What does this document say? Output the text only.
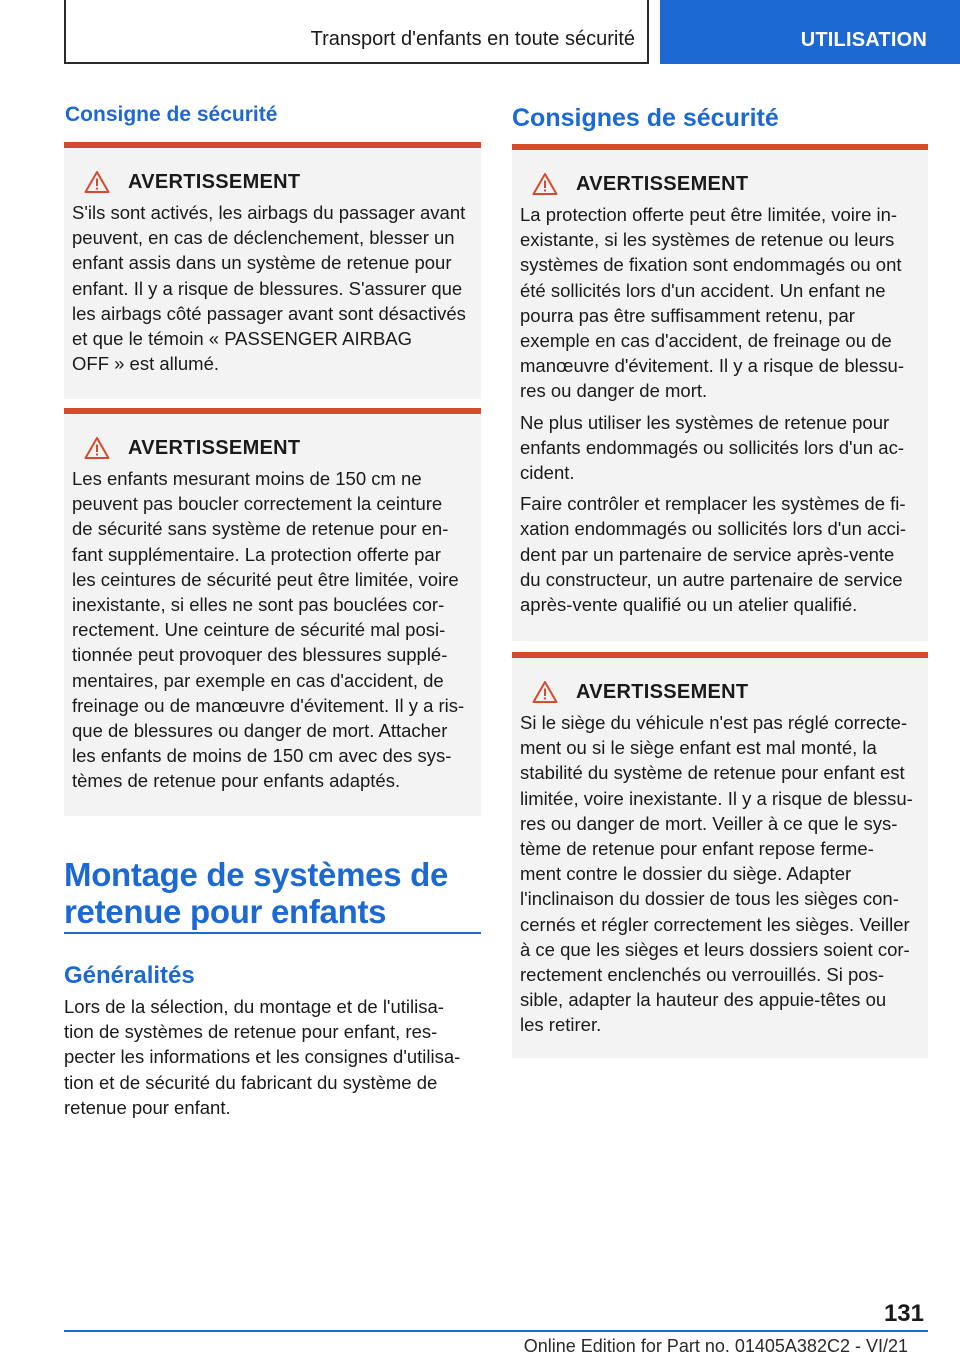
Transport d'enfants en toute sécurité	UTILISATION
Consigne de sécurité
AVERTISSEMENT
S'ils sont activés, les airbags du passager avant
peuvent, en cas de déclenchement, blesser un
enfant assis dans un système de retenue pour
enfant. Il y a risque de blessures. S'assurer que
les airbags côté passager avant sont désactivés
et que le témoin « PASSENGER AIRBAG
OFF » est allumé.
AVERTISSEMENT
Les enfants mesurant moins de 150 cm ne
peuvent pas boucler correctement la ceinture
de sécurité sans système de retenue pour en-
fant supplémentaire. La protection offerte par
les ceintures de sécurité peut être limitée, voire
inexistante, si elles ne sont pas bouclées cor-
rectement. Une ceinture de sécurité mal posi-
tionnée peut provoquer des blessures supplé-
mentaires, par exemple en cas d'accident, de
freinage ou de manœuvre d'évitement. Il y a ris-
que de blessures ou danger de mort. Attacher
les enfants de moins de 150 cm avec des sys-
tèmes de retenue pour enfants adaptés.
Montage de systèmes de
retenue pour enfants
Généralités
Lors de la sélection, du montage et de l'utilisa-
tion de systèmes de retenue pour enfant, res-
pecter les informations et les consignes d'utilisa-
tion et de sécurité du fabricant du système de
retenue pour enfant.
Consignes de sécurité
AVERTISSEMENT
La protection offerte peut être limitée, voire in-
existante, si les systèmes de retenue ou leurs
systèmes de fixation sont endommagés ou ont
été sollicités lors d'un accident. Un enfant ne
pourra pas être suffisamment retenu, par
exemple en cas d'accident, de freinage ou de
manœuvre d'évitement. Il y a risque de blessu-
res ou danger de mort.
Ne plus utiliser les systèmes de retenue pour
enfants endommagés ou sollicités lors d'un ac-
cident.
Faire contrôler et remplacer les systèmes de fi-
xation endommagés ou sollicités lors d'un acci-
dent par un partenaire de service après-vente
du constructeur, un autre partenaire de service
après-vente qualifié ou un atelier qualifié.
AVERTISSEMENT
Si le siège du véhicule n'est pas réglé correcte-
ment ou si le siège enfant est mal monté, la
stabilité du système de retenue pour enfant est
limitée, voire inexistante. Il y a risque de blessu-
res ou danger de mort. Veiller à ce que le sys-
tème de retenue pour enfant repose ferme-
ment contre le dossier du siège. Adapter
l'inclinaison du dossier de tous les sièges con-
cernés et régler correctement les sièges. Veiller
à ce que les sièges et leurs dossiers soient cor-
rectement enclenchés ou verrouillés. Si pos-
sible, adapter la hauteur des appuie-têtes ou
les retirer.
131
Online Edition for Part no. 01405A382C2 - VI/21
